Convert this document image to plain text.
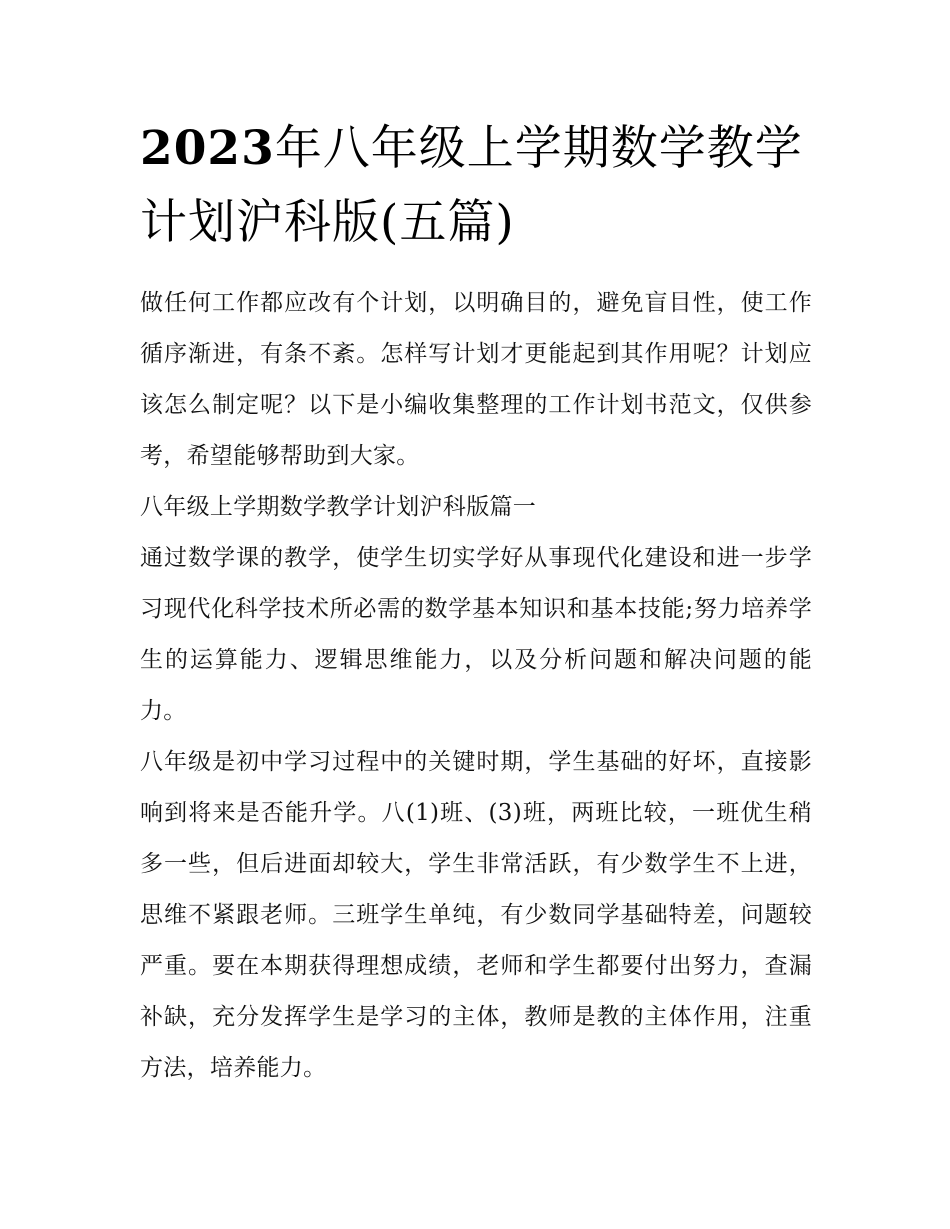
2023年八年级上学期数学教学计划沪科版(五篇)

做任何工作都应改有个计划，以明确目的，避免盲目性，使工作循序渐进，有条不紊。怎样写计划才更能起到其作用呢？计划应该怎么制定呢？以下是小编收集整理的工作计划书范文，仅供参考，希望能够帮助到大家。

八年级上学期数学教学计划沪科版篇一

通过数学课的教学，使学生切实学好从事现代化建设和进一步学习现代化科学技术所必需的数学基本知识和基本技能;努力培养学生的运算能力、逻辑思维能力，以及分析问题和解决问题的能力。

八年级是初中学习过程中的关键时期，学生基础的好坏，直接影响到将来是否能升学。八(1)班、(3)班，两班比较，一班优生稍多一些，但后进面却较大，学生非常活跃，有少数学生不上进，思维不紧跟老师。三班学生单纯，有少数同学基础特差，问题较严重。要在本期获得理想成绩，老师和学生都要付出努力，查漏补缺，充分发挥学生是学习的主体，教师是教的主体作用，注重方法，培养能力。
